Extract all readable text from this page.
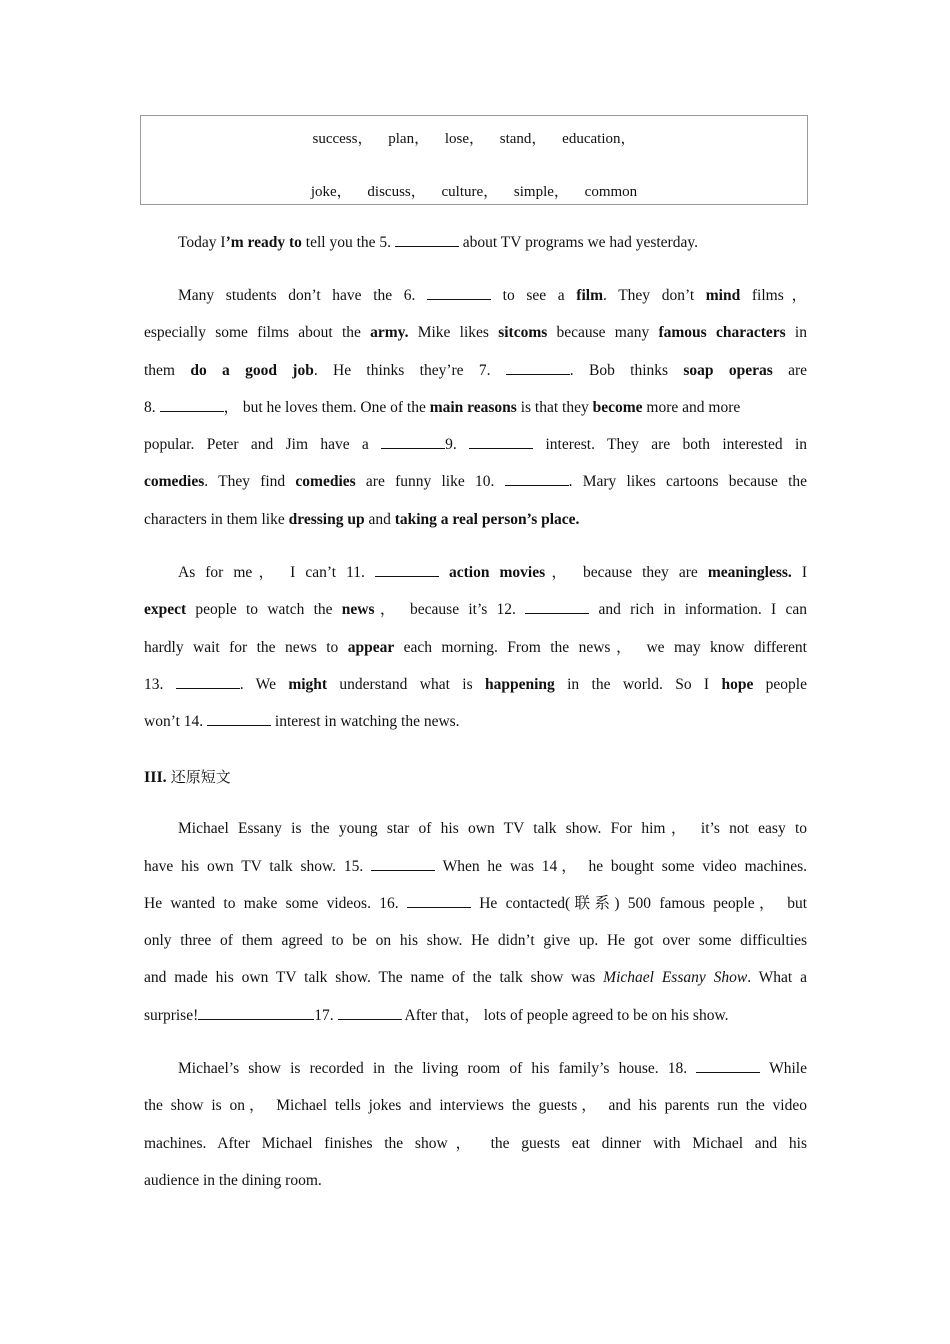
success， plan， lose， stand， education，
joke， discuss， culture， simple， common
Today I’m ready to tell you the 5.	about TV programs we had yesterday.
Many students don’t have the 6.	to see a film. They don’t mind films，
especially some films about the army. Mike likes sitcoms because many famous characters in
them do a good job. He thinks they’re 7.	. Bob thinks soap operas are
8.	， but he loves them. One of the main reasons is that they become more and more
popular. Peter and Jim have a	9.	interest. They are both interested in
comedies. They find comedies are funny like 10.	. Mary likes cartoons because the
characters in them like dressing up and taking a real person’s place.
As for me， I can’t 11.	action movies， because they are meaningless. I
expect people to watch the news， because it’s 12.	and rich in information. I can
hardly wait for the news to appear each morning. From the news， we may know different
13.	. We might understand what is happening in the world. So I hope people
won’t 14.	interest in watching the news.
III. 还原短文
Michael Essany is the young star of his own TV talk show. For him， it’s not easy to
have his own TV talk show. 15.	When he was 14， he bought some video machines.
He wanted to make some videos. 16.	He contacted(联系) 500 famous people， but
only three of them agreed to be on his show. He didn’t give up. He got over some difficulties
and made his own TV talk show. The name of the talk show was Michael Essany Show. What a
surprise!	17.	After that， lots of people agreed to be on his show.
Michael’s show is recorded in the living room of his family’s house. 18.	While
the show is on， Michael tells jokes and interviews the guests， and his parents run the video
machines. After Michael finishes the show， the guests eat dinner with Michael and his
audience in the dining room.
